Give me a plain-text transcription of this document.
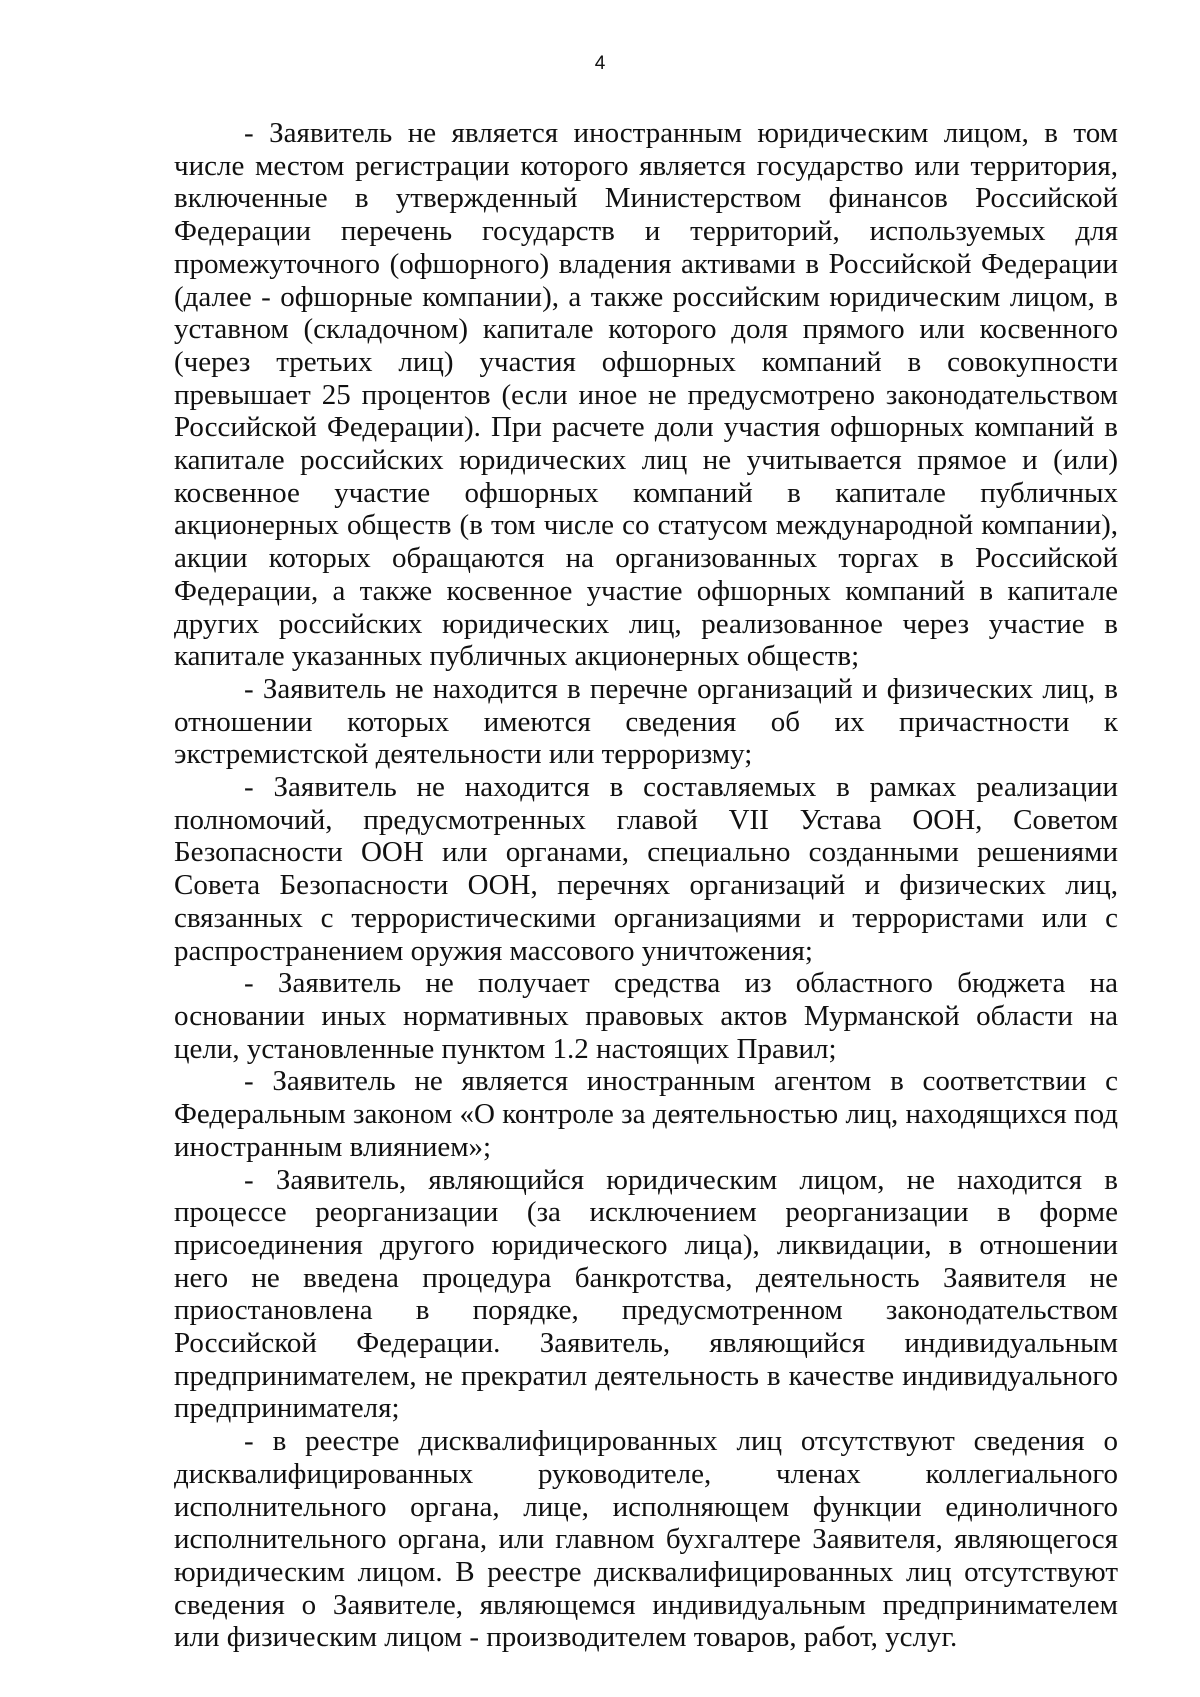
4

- Заявитель не является иностранным юридическим лицом, в том числе местом регистрации которого является государство или территория, включенные в утвержденный Министерством финансов Российской Федерации перечень государств и территорий, используемых для промежуточного (офшорного) владения активами в Российской Федерации (далее - офшорные компании), а также российским юридическим лицом, в уставном (складочном) капитале которого доля прямого или косвенного (через третьих лиц) участия офшорных компаний в совокупности превышает 25 процентов (если иное не предусмотрено законодательством Российской Федерации). При расчете доли участия офшорных компаний в капитале российских юридических лиц не учитывается прямое и (или) косвенное участие офшорных компаний в капитале публичных акционерных обществ (в том числе со статусом международной компании), акции которых обращаются на организованных торгах в Российской Федерации, а также косвенное участие офшорных компаний в капитале других российских юридических лиц, реализованное через участие в капитале указанных публичных акционерных обществ;

- Заявитель не находится в перечне организаций и физических лиц, в отношении которых имеются сведения об их причастности к экстремистской деятельности или терроризму;

- Заявитель не находится в составляемых в рамках реализации полномочий, предусмотренных главой VII Устава ООН, Советом Безопасности ООН или органами, специально созданными решениями Совета Безопасности ООН, перечнях организаций и физических лиц, связанных с террористическими организациями и террористами или с распространением оружия массового уничтожения;

- Заявитель не получает средства из областного бюджета на основании иных нормативных правовых актов Мурманской области на цели, установленные пунктом 1.2 настоящих Правил;

- Заявитель не является иностранным агентом в соответствии с Федеральным законом «О контроле за деятельностью лиц, находящихся под иностранным влиянием»;

- Заявитель, являющийся юридическим лицом, не находится в процессе реорганизации (за исключением реорганизации в форме присоединения другого юридического лица), ликвидации, в отношении него не введена процедура банкротства, деятельность Заявителя не приостановлена в порядке, предусмотренном законодательством Российской Федерации. Заявитель, являющийся индивидуальным предпринимателем, не прекратил деятельность в качестве индивидуального предпринимателя;

- в реестре дисквалифицированных лиц отсутствуют сведения о дисквалифицированных руководителе, членах коллегиального исполнительного органа, лице, исполняющем функции единоличного исполнительного органа, или главном бухгалтере Заявителя, являющегося юридическим лицом. В реестре дисквалифицированных лиц отсутствуют сведения о Заявителе, являющемся индивидуальным предпринимателем или физическим лицом - производителем товаров, работ, услуг.
